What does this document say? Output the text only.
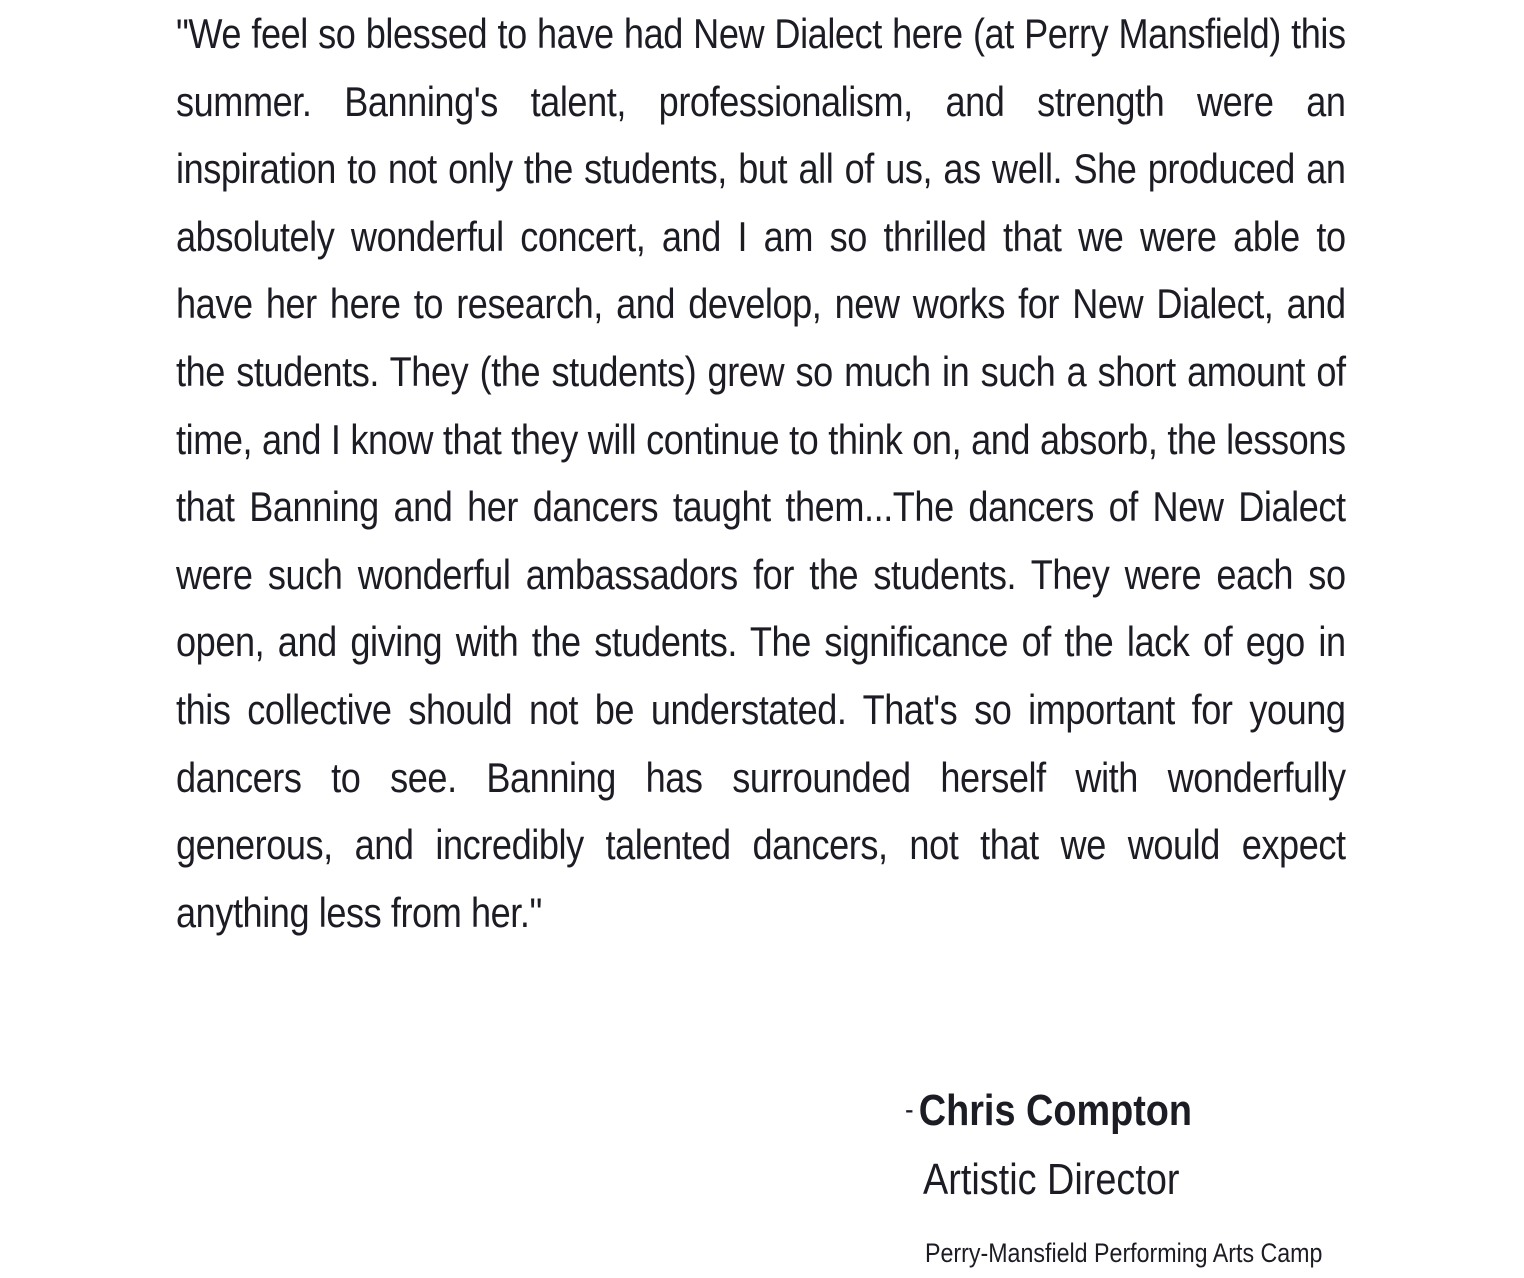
"We feel so blessed to have had New Dialect here (at Perry Mansfield) this summer. Banning's talent, professionalism, and strength were an inspiration to not only the students, but all of us, as well. She produced an absolutely wonderful concert, and I am so thrilled that we were able to have her here to research, and develop, new works for New Dialect, and the students. They (the students) grew so much in such a short amount of time, and I know that they will continue to think on, and absorb, the lessons that Banning and her dancers taught them...The dancers of New Dialect were such wonderful ambassadors for the students. They were each so open, and giving with the students. The significance of the lack of ego in this collective should not be understated. That's so important for young dancers to see. Banning has surrounded herself with wonderfully generous, and incredibly talented dancers, not that we would expect anything less from her."

- Chris Compton
Artistic Director
Perry-Mansfield Performing Arts Camp
